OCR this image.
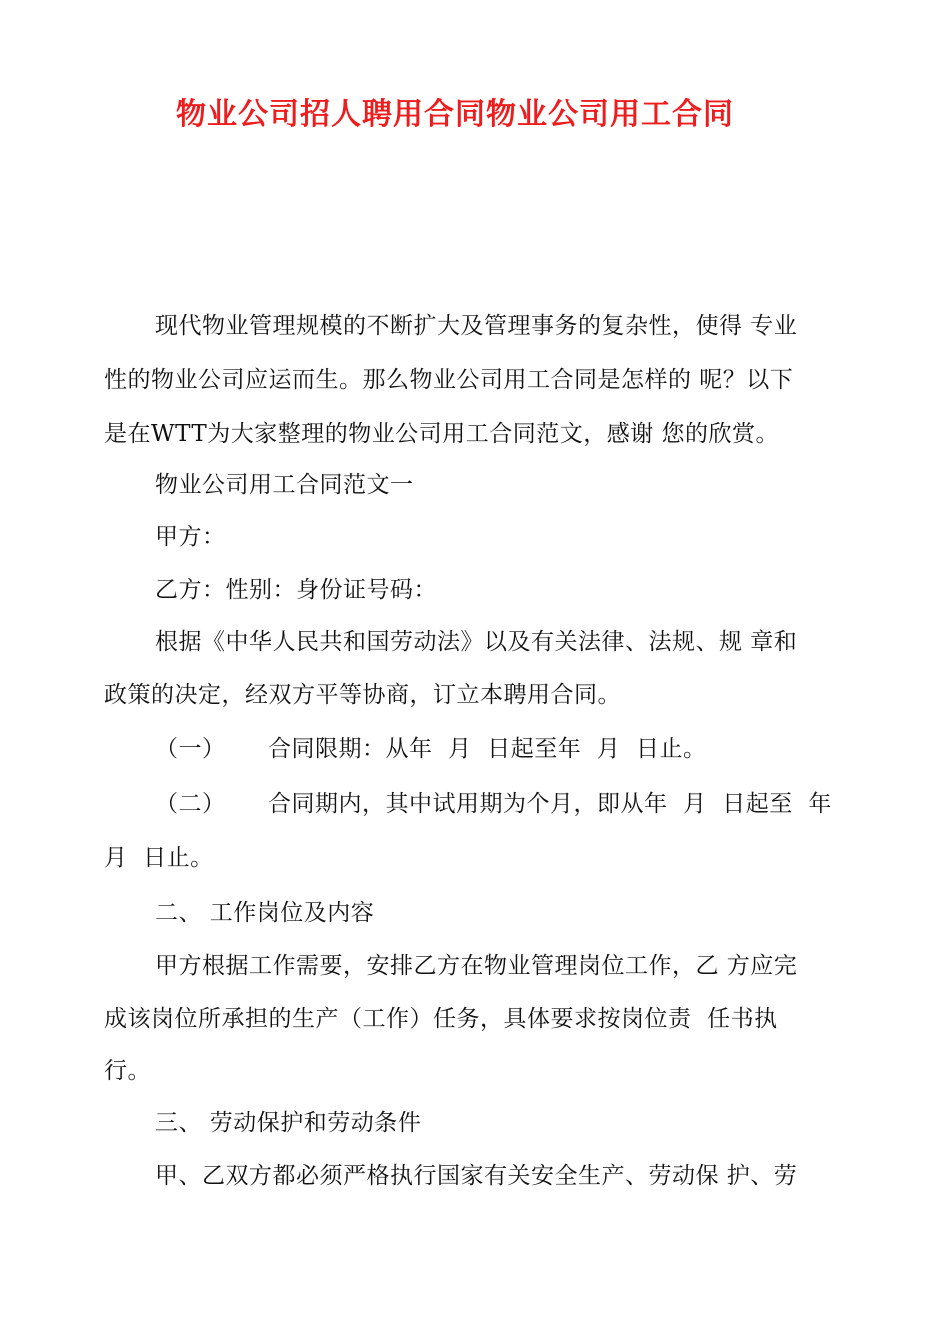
物业公司招人聘用合同物业公司用工合同
现代物业管理规模的不断扩大及管理事务的复杂性，使得 专业
性的物业公司应运而生。那么物业公司用工合同是怎样的 呢？以下
是在WTT为大家整理的物业公司用工合同范文，感谢 您的欣赏。
物业公司用工合同范文一
甲方：
乙方：性别：身份证号码：
根据《中华人民共和国劳动法》以及有关法律、法规、规 章和
政策的决定，经双方平等协商，订立本聘用合同。
（一） 合同限期：从年  月  日起至年  月  日止。
（二） 合同期内，其中试用期为个月，即从年  月  日起至  年
月  日止。
二、 工作岗位及内容
甲方根据工作需要，安排乙方在物业管理岗位工作，乙 方应完
成该岗位所承担的生产（工作）任务，具体要求按岗位责  任书执
行。
三、 劳动保护和劳动条件
甲、乙双方都必须严格执行国家有关安全生产、劳动保 护、劳
